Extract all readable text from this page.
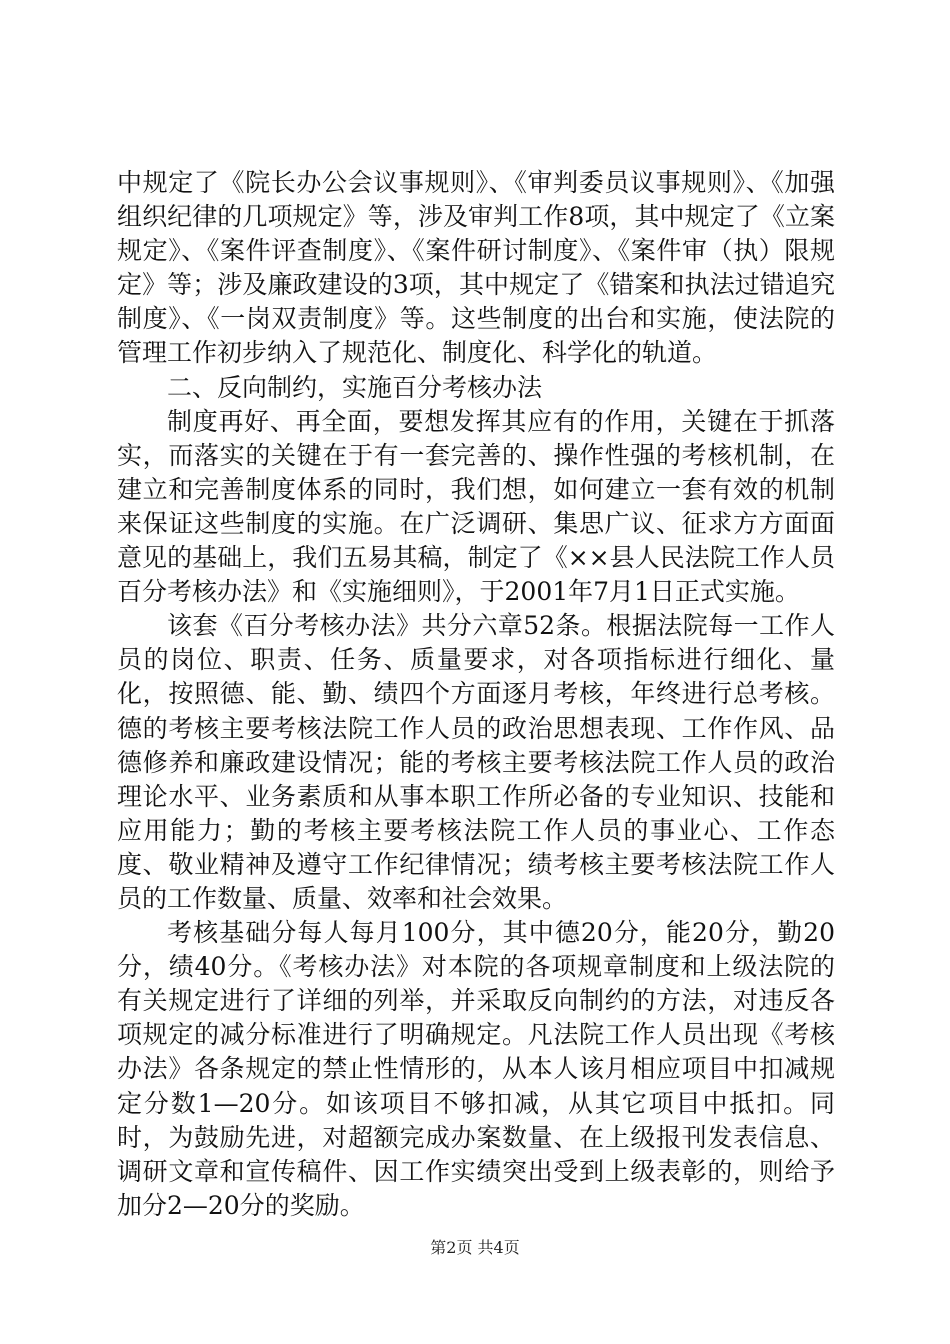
中规定了《院长办公会议事规则》、《审判委员议事规则》、《加强组织纪律的几项规定》等，涉及审判工作8项，其中规定了《立案规定》、《案件评查制度》、《案件研讨制度》、《案件审（执）限规定》等；涉及廉政建设的3项，其中规定了《错案和执法过错追究制度》、《一岗双责制度》等。这些制度的出台和实施，使法院的管理工作初步纳入了规范化、制度化、科学化的轨道。

二、反向制约，实施百分考核办法

制度再好、再全面，要想发挥其应有的作用，关键在于抓落实，而落实的关键在于有一套完善的、操作性强的考核机制，在建立和完善制度体系的同时，我们想，如何建立一套有效的机制来保证这些制度的实施。在广泛调研、集思广议、征求方方面面意见的基础上，我们五易其稿，制定了《××县人民法院工作人员百分考核办法》和《实施细则》，于2001年7月1日正式实施。

该套《百分考核办法》共分六章52条。根据法院每一工作人员的岗位、职责、任务、质量要求，对各项指标进行细化、量化，按照德、能、勤、绩四个方面逐月考核，年终进行总考核。德的考核主要考核法院工作人员的政治思想表现、工作作风、品德修养和廉政建设情况；能的考核主要考核法院工作人员的政治理论水平、业务素质和从事本职工作所必备的专业知识、技能和应用能力；勤的考核主要考核法院工作人员的事业心、工作态度、敬业精神及遵守工作纪律情况；绩考核主要考核法院工作人员的工作数量、质量、效率和社会效果。

考核基础分每人每月100分，其中德20分，能20分，勤20分，绩40分。《考核办法》对本院的各项规章制度和上级法院的有关规定进行了详细的列举，并采取反向制约的方法，对违反各项规定的减分标准进行了明确规定。凡法院工作人员出现《考核办法》各条规定的禁止性情形的，从本人该月相应项目中扣减规定分数1—20分。如该项目不够扣减，从其它项目中抵扣。同时，为鼓励先进，对超额完成办案数量、在上级报刊发表信息、调研文章和宣传稿件、因工作实绩突出受到上级表彰的，则给予加分2—20分的奖励。

第2页 共4页
